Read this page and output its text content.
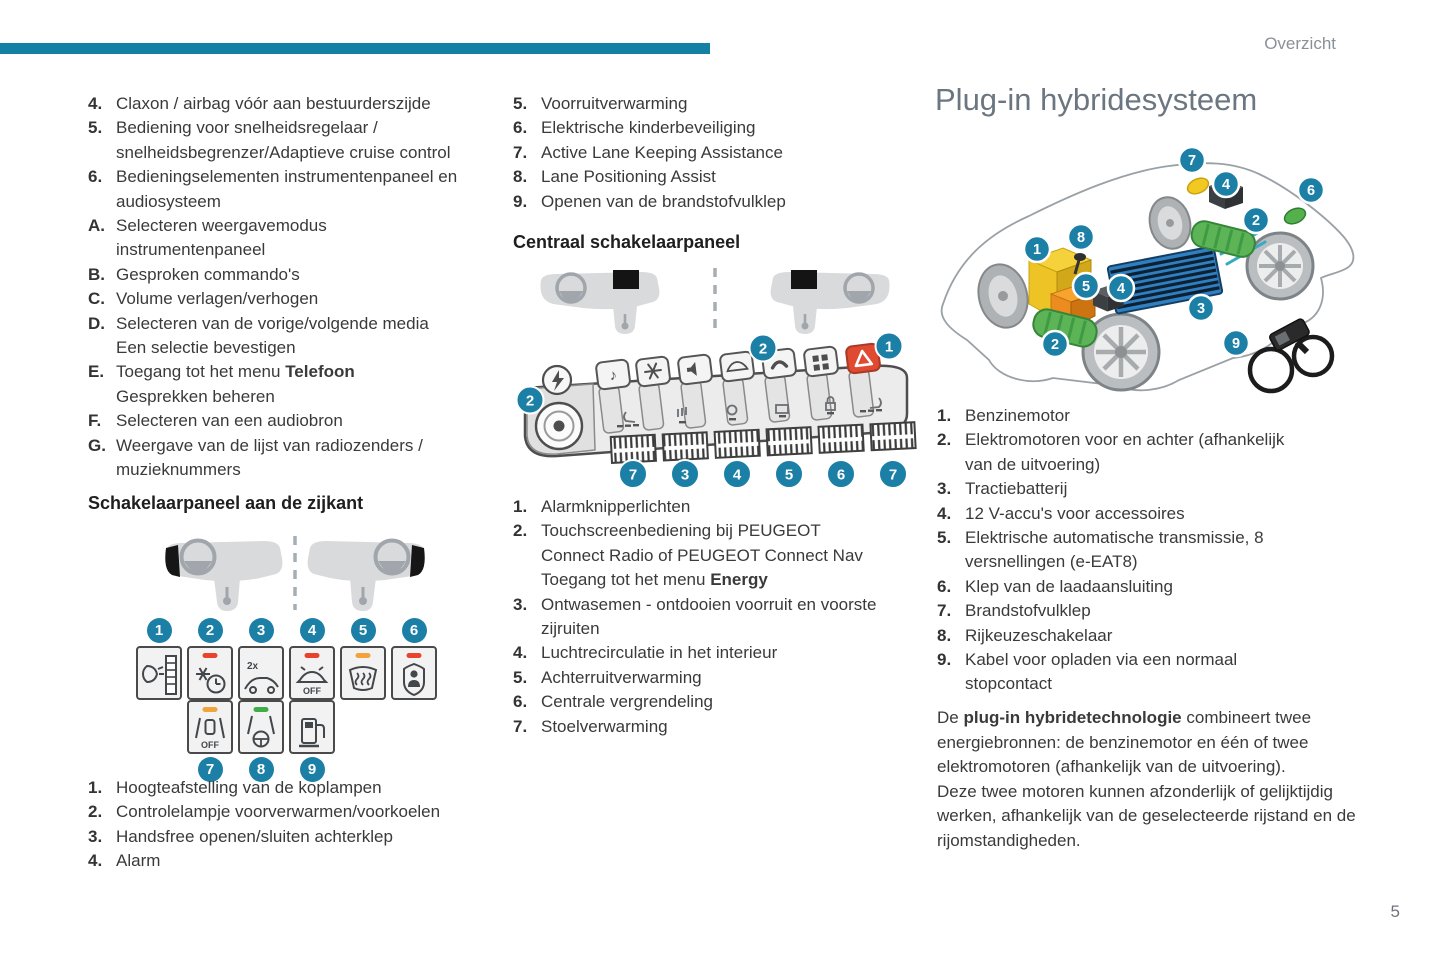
Overzicht
4. Claxon / airbag vóór aan bestuurderszijde
5. Bediening voor snelheidsregelaar /
snelheidsbegrenzer/Adaptieve cruise control
6. Bedieningselementen instrumentenpaneel en
audiosysteem
A. Selecteren weergavemodus
instrumentenpaneel
B. Gesproken commando's
C. Volume verlagen/verhogen
D. Selecteren van de vorige/volgende media
Een selectie bevestigen
E. Toegang tot het menu Telefoon
Gesprekken beheren
F. Selecteren van een audiobron
G. Weergave van de lijst van radiozenders /
muzieknummers
Schakelaarpaneel aan de zijkant
1	2	3	4	5	6
2x
OFF
OFF
7	8	9
1. Hoogteafstelling van de koplampen
2. Controlelampje voorverwarmen/voorkoelen
3. Handsfree openen/sluiten achterklep
4. Alarm
5. Voorruitverwarming
6. Elektrische kinderbeveiliging
7. Active Lane Keeping Assistance
8. Lane Positioning Assist
9. Openen van de brandstofvulklep
Centraal schakelaarpaneel
♪
2	1
2
7	3	4	5	6	7
1. Alarmknipperlichten
2. Touchscreenbediening bij PEUGEOT
Connect Radio of PEUGEOT Connect Nav
Toegang tot het menu Energy
3. Ontwasemen - ontdooien voorruit en voorste
zijruiten
4. Luchtrecirculatie in het interieur
5. Achterruitverwarming
6. Centrale vergrendeling
7. Stoelverwarming
Plug-in hybridesysteem
7
4
2
6
1
8
5 4
3
2	9
1. Benzinemotor
2. Elektromotoren voor en achter (afhankelijk
van de uitvoering)
3. Tractiebatterij
4. 12 V-accu's voor accessoires
5. Elektrische automatische transmissie, 8
versnellingen (e-EAT8)
6. Klep van de laadaansluiting
7. Brandstofvulklep
8. Rijkeuzeschakelaar
9. Kabel voor opladen via een normaal
stopcontact
De plug-in hybridetechnologie combineert twee energiebronnen: de benzinemotor en één of twee elektromotoren (afhankelijk van de uitvoering).
Deze twee motoren kunnen afzonderlijk of gelijktijdig werken, afhankelijk van de geselecteerde rijstand en de rijomstandigheden.
5
